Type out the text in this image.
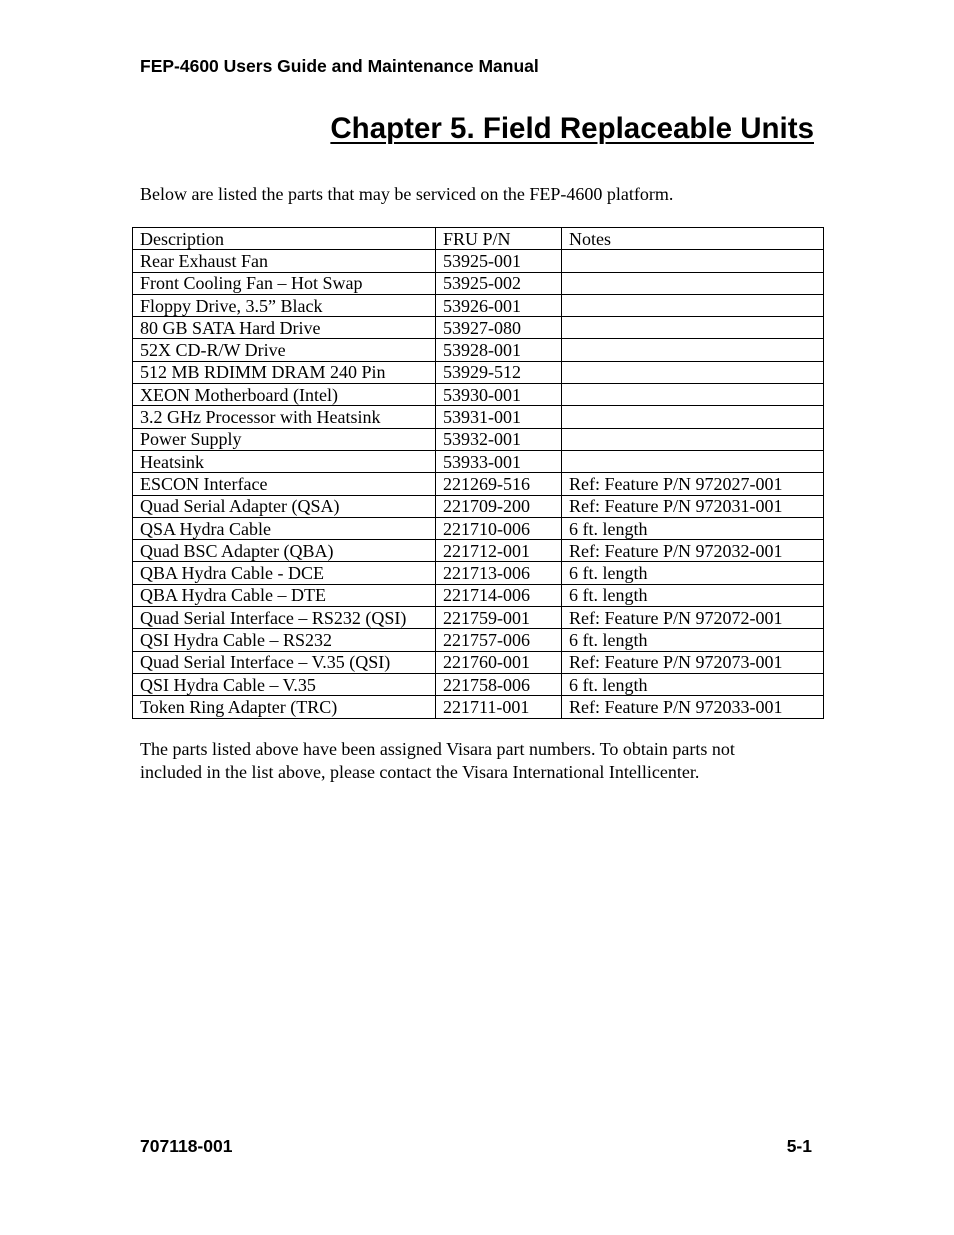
FEP-4600 Users Guide and Maintenance Manual
Chapter 5. Field Replaceable Units
Below are listed the parts that may be serviced on the FEP-4600 platform.
Description	FRU P/N	Notes
Rear Exhaust Fan	53925-001	
Front Cooling Fan – Hot Swap	53925-002	
Floppy Drive, 3.5” Black	53926-001	
80 GB SATA Hard Drive	53927-080	
52X CD-R/W Drive	53928-001	
512 MB RDIMM DRAM 240 Pin	53929-512	
XEON Motherboard (Intel)	53930-001	
3.2 GHz Processor with Heatsink	53931-001	
Power Supply	53932-001	
Heatsink	53933-001	
ESCON Interface	221269-516	Ref: Feature P/N 972027-001
Quad Serial Adapter (QSA)	221709-200	Ref: Feature P/N 972031-001
QSA Hydra Cable	221710-006	6 ft. length
Quad BSC Adapter (QBA)	221712-001	Ref: Feature P/N 972032-001
QBA Hydra Cable - DCE	221713-006	6 ft. length
QBA Hydra Cable – DTE	221714-006	6 ft. length
Quad Serial Interface – RS232 (QSI)	221759-001	Ref: Feature P/N 972072-001
QSI Hydra Cable – RS232	221757-006	6 ft. length
Quad Serial Interface – V.35 (QSI)	221760-001	Ref: Feature P/N 972073-001
QSI Hydra Cable – V.35	221758-006	6 ft. length
Token Ring Adapter (TRC)	221711-001	Ref: Feature P/N 972033-001
The parts listed above have been assigned Visara part numbers. To obtain parts not
included in the list above, please contact the Visara International Intellicenter.
707118-001	5-1
